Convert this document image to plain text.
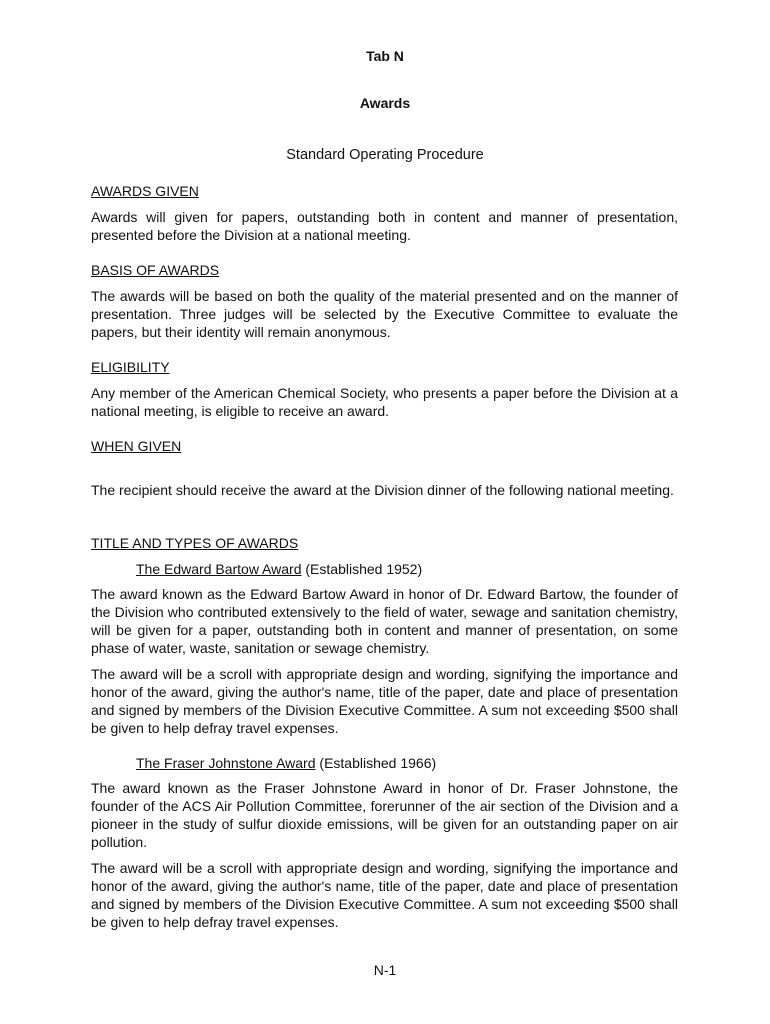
Tab N
Awards
Standard Operating Procedure
AWARDS GIVEN
Awards will given for papers, outstanding both in content and manner of presentation, presented before the Division at a national meeting.
BASIS OF AWARDS
The awards will be based on both the quality of the material presented and on the manner of presentation. Three judges will be selected by the Executive Committee to evaluate the papers, but their identity will remain anonymous.
ELIGIBILITY
Any member of the American Chemical Society, who presents a paper before the Division at a national meeting, is eligible to receive an award.
WHEN GIVEN
The recipient should receive the award at the Division dinner of the following national meeting.
TITLE AND TYPES OF AWARDS
The Edward Bartow Award (Established 1952)
The award known as the Edward Bartow Award in honor of Dr. Edward Bartow, the founder of the Division who contributed extensively to the field of water, sewage and sanitation chemistry, will be given for a paper, outstanding both in content and manner of presentation, on some phase of water, waste, sanitation or sewage chemistry.
The award will be a scroll with appropriate design and wording, signifying the importance and honor of the award, giving the author's name, title of the paper, date and place of presentation and signed by members of the Division Executive Committee. A sum not exceeding $500 shall be given to help defray travel expenses.
The Fraser Johnstone Award (Established 1966)
The award known as the Fraser Johnstone Award in honor of Dr. Fraser Johnstone, the founder of the ACS Air Pollution Committee, forerunner of the air section of the Division and a pioneer in the study of sulfur dioxide emissions, will be given for an outstanding paper on air pollution.
The award will be a scroll with appropriate design and wording, signifying the importance and honor of the award, giving the author's name, title of the paper, date and place of presentation and signed by members of the Division Executive Committee. A sum not exceeding $500 shall be given to help defray travel expenses.
N-1
